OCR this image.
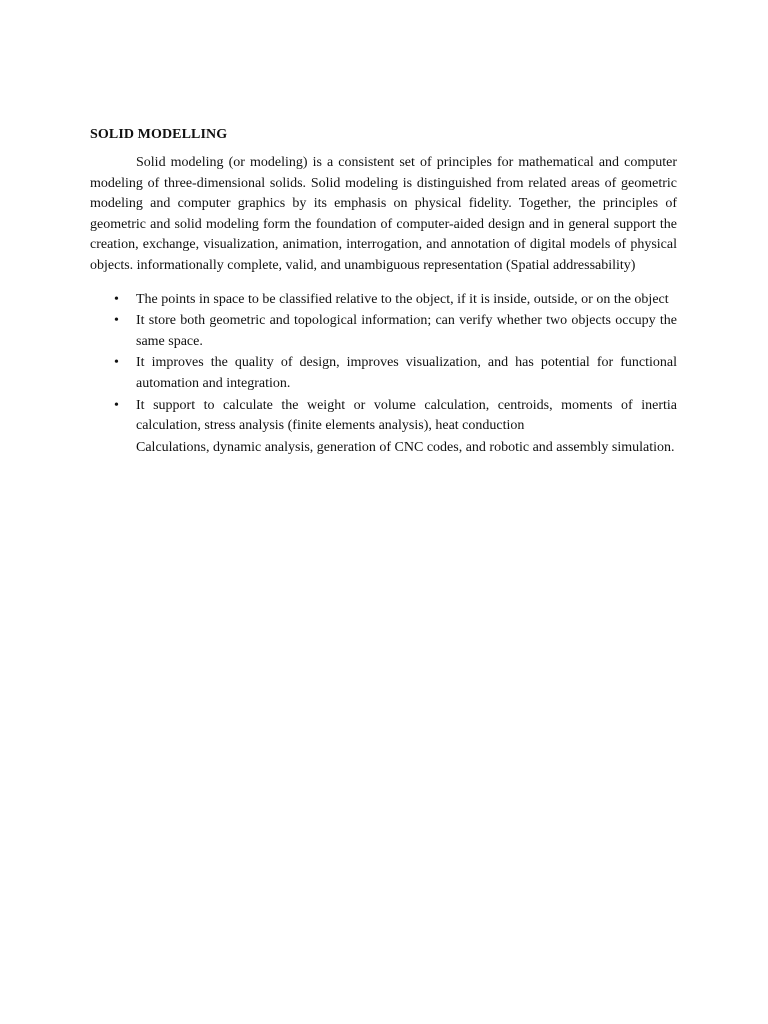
SOLID MODELLING

Solid modeling (or modeling) is a consistent set of principles for mathematical and computer modeling of three-dimensional solids. Solid modeling is distinguished from related areas of geometric modeling and computer graphics by its emphasis on physical fidelity. Together, the principles of geometric and solid modeling form the foundation of computer-aided design and in general support the creation, exchange, visualization, animation, interrogation, and annotation of digital models of physical objects. informationally complete, valid, and unambiguous representation (Spatial addressability)

• The points in space to be classified relative to the object, if it is inside, outside, or on the object
• It store both geometric and topological information; can verify whether two objects occupy the same space.
• It improves the quality of design, improves visualization, and has potential for functional automation and integration.
• It support to calculate the weight or volume calculation, centroids, moments of inertia calculation, stress analysis (finite elements analysis), heat conduction
Calculations, dynamic analysis, generation of CNC codes, and robotic and assembly simulation.
